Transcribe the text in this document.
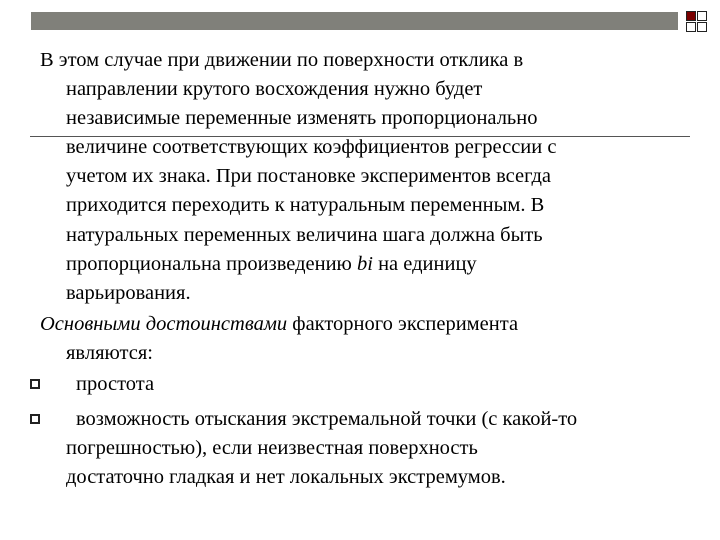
В этом случае при движении по поверхности отклика в
направлении крутого восхождения нужно будет
независимые переменные изменять пропорционально
величине соответствующих коэффициентов регрессии с
учетом их знака. При постановке экспериментов всегда
приходится переходить к натуральным переменным. В
натуральных переменных величина шага должна быть
пропорциональна произведению bi на единицу
варьирования.
Основными достоинствами факторного эксперимента
являются:
простота
возможность отыскания экстремальной точки (с какой-то
погрешностью), если неизвестная поверхность
достаточно гладкая и нет локальных экстремумов.
